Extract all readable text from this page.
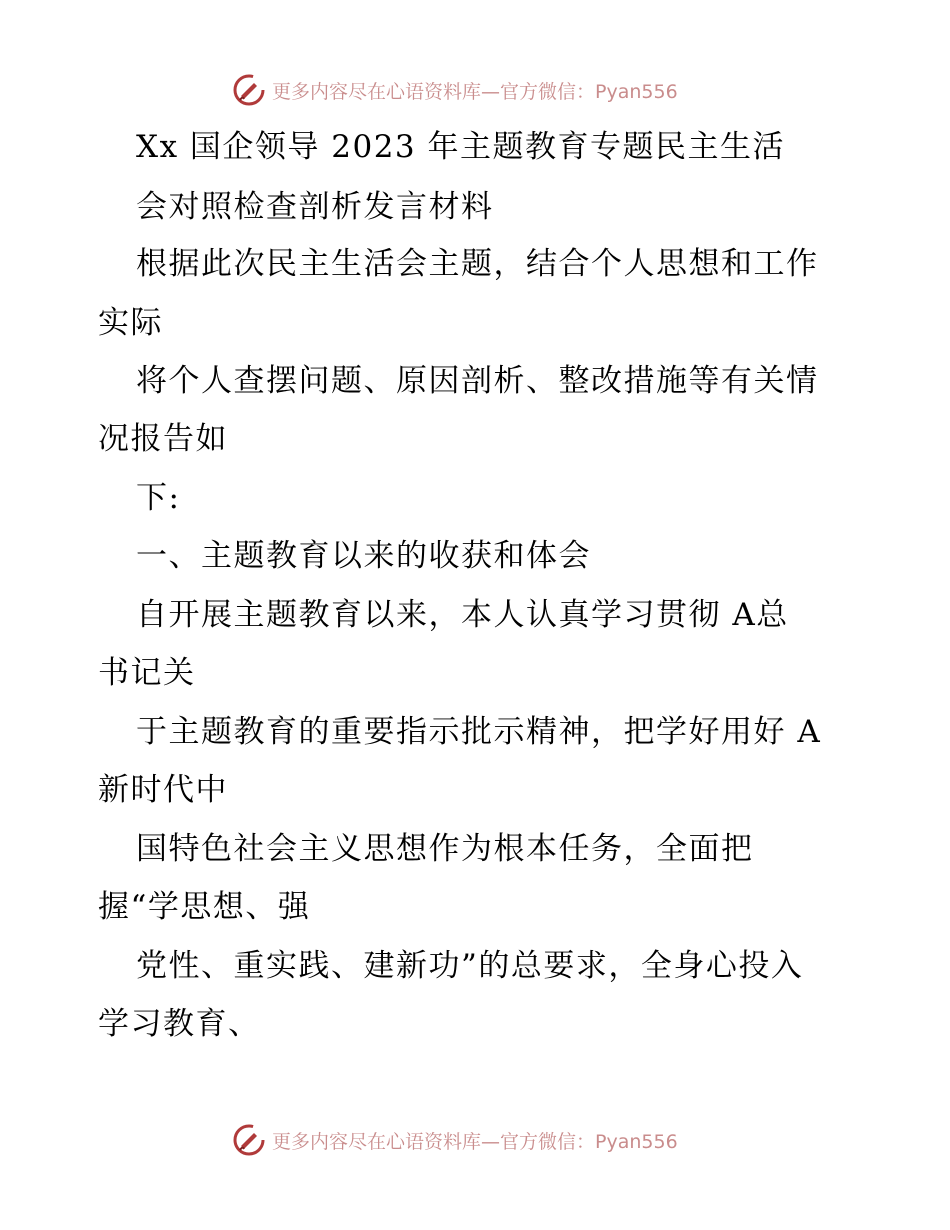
更多内容尽在心语资料库—官方微信：Pyan556
Xx 国企领导 2023 年主题教育专题民主生活
会对照检查剖析发言材料
根据此次民主生活会主题，结合个人思想和工作
实际
将个人查摆问题、原因剖析、整改措施等有关情
况报告如
下:
一、主题教育以来的收获和体会
自开展主题教育以来，本人认真学习贯彻 A总
书记关
于主题教育的重要指示批示精神，把学好用好 A
新时代中
国特色社会主义思想作为根本任务，全面把
握“学思想、强
党性、重实践、建新功”的总要求，全身心投入
学习教育、
更多内容尽在心语资料库—官方微信：Pyan556
